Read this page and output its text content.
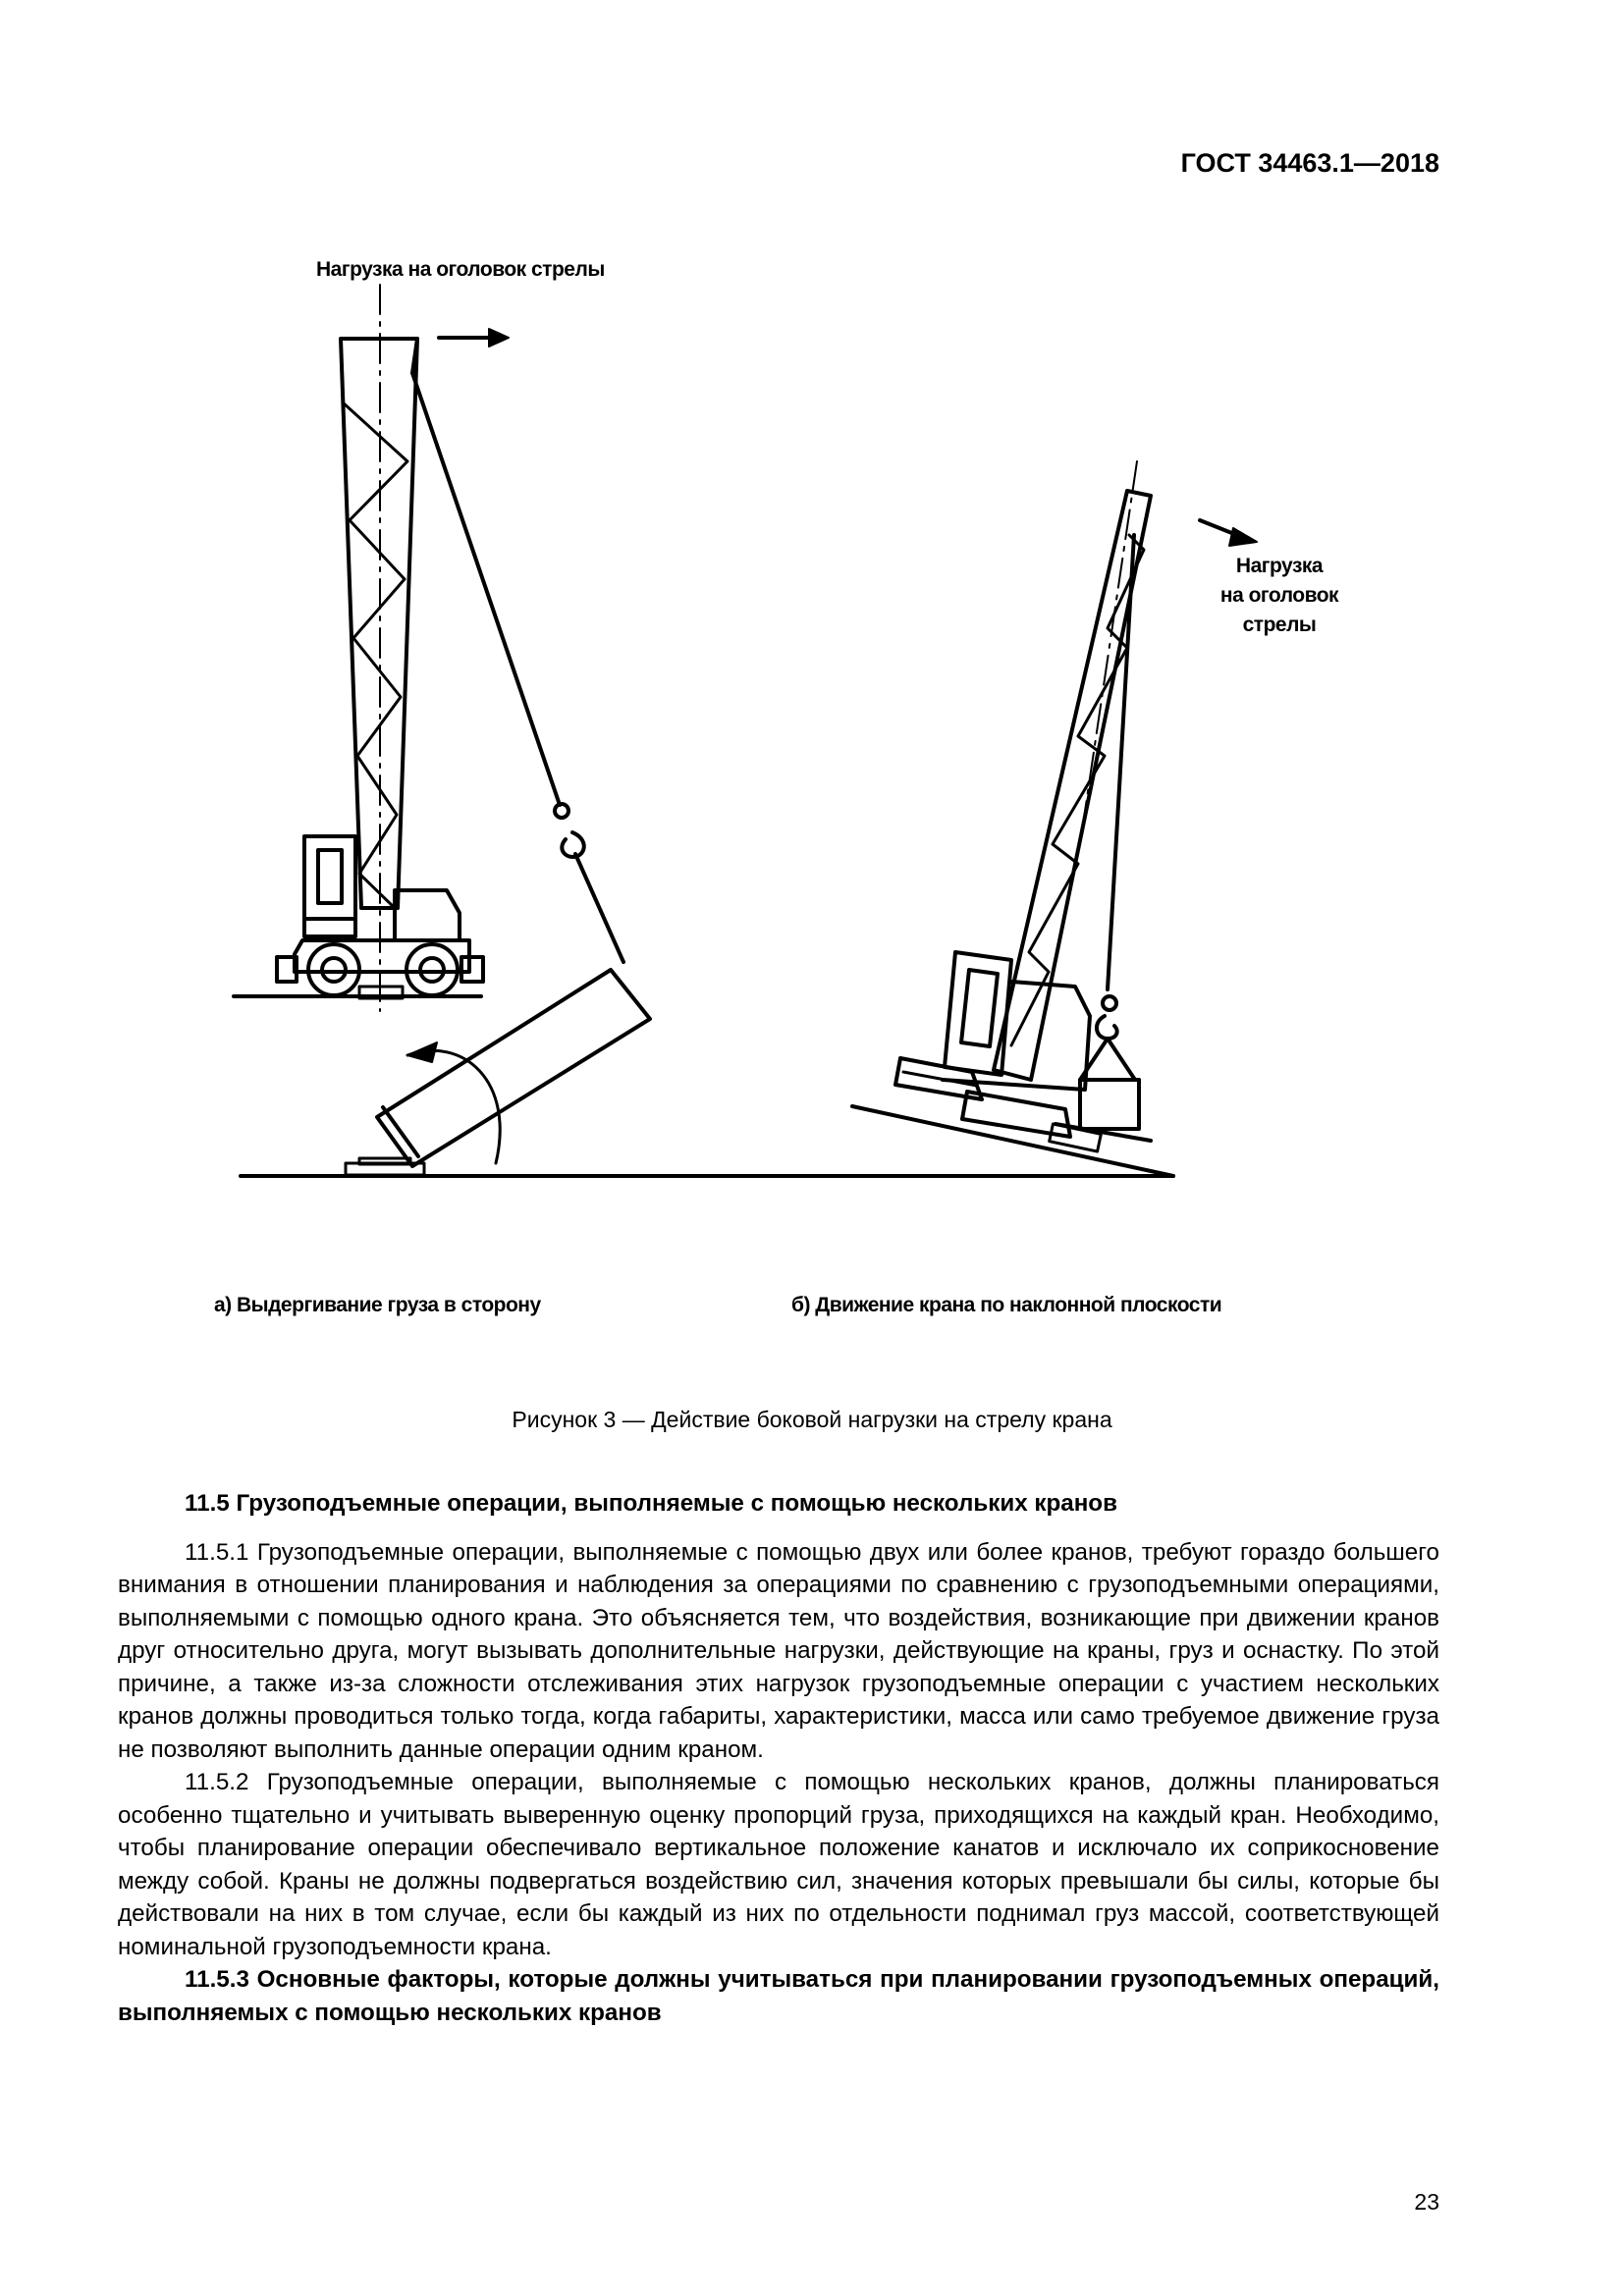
ГОСТ 34463.1—2018
Нагрузка на оголовок стрелы
Нагрузка
на оголовок
стрелы
а) Выдергивание груза в сторону	б) Движение крана по наклонной плоскости
Рисунок 3 — Действие боковой нагрузки на стрелу крана
11.5 Грузоподъемные операции, выполняемые с помощью нескольких кранов

11.5.1 Грузоподъемные операции, выполняемые с помощью двух или более кранов, требуют гораздо большего внимания в отношении планирования и наблюдения за операциями по сравнению с грузоподъемными операциями, выполняемыми с помощью одного крана. Это объясняется тем, что воздействия, возникающие при движении кранов друг относительно друга, могут вызывать дополнительные нагрузки, действующие на краны, груз и оснастку. По этой причине, а также из-за сложности отслеживания этих нагрузок грузоподъемные операции с участием нескольких кранов должны проводиться только тогда, когда габариты, характеристики, масса или само требуемое движение груза не позволяют выполнить данные операции одним краном.

11.5.2 Грузоподъемные операции, выполняемые с помощью нескольких кранов, должны планироваться особенно тщательно и учитывать выверенную оценку пропорций груза, приходящихся на каждый кран. Необходимо, чтобы планирование операции обеспечивало вертикальное положение канатов и исключало их соприкосновение между собой. Краны не должны подвергаться воздействию сил, значения которых превышали бы силы, которые бы действовали на них в том случае, если бы каждый из них по отдельности поднимал груз массой, соответствующей номинальной грузоподъемности крана.

11.5.3 Основные факторы, которые должны учитываться при планировании грузоподъемных операций, выполняемых с помощью нескольких кранов

23
